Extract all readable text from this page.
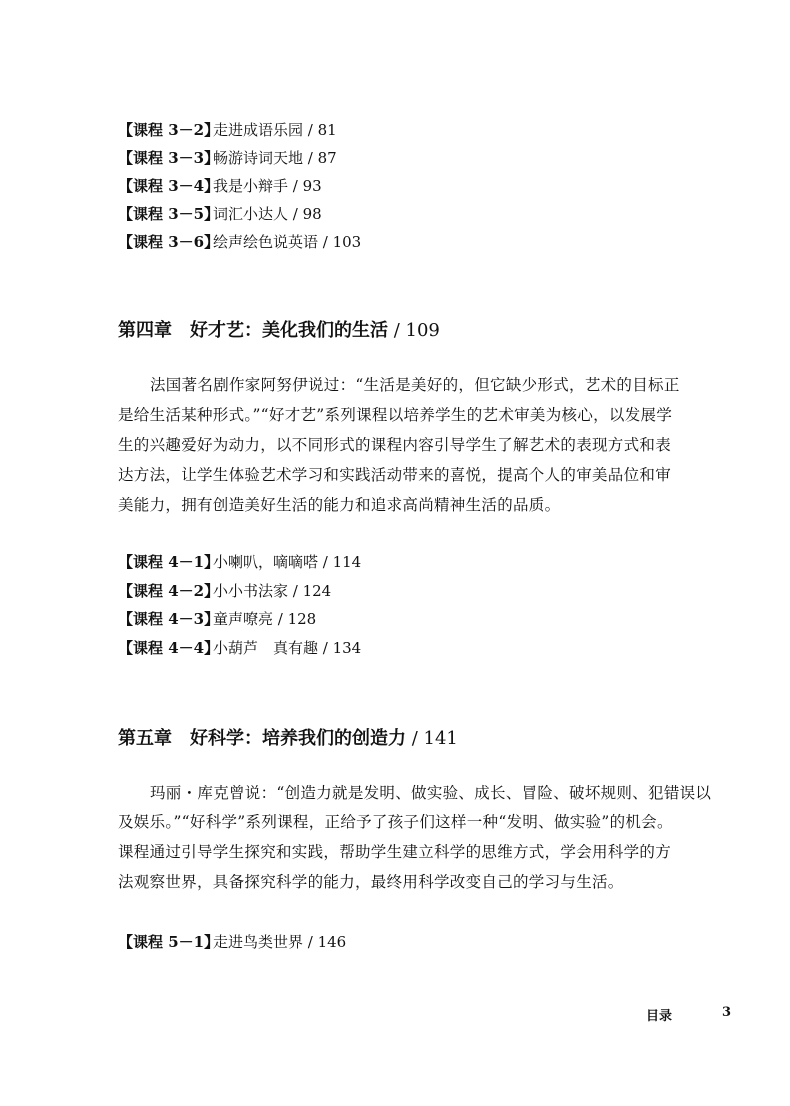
【课程 3－2】走进成语乐园 / 81
【课程 3－3】畅游诗词天地 / 87
【课程 3－4】我是小辩手 / 93
【课程 3－5】词汇小达人 / 98
【课程 3－6】绘声绘色说英语 / 103
第四章　好才艺：美化我们的生活 / 109
法国著名剧作家阿努伊说过：“生活是美好的，但它缺少形式，艺术的目标正
是给生活某种形式。”“好才艺”系列课程以培养学生的艺术审美为核心，以发展学
生的兴趣爱好为动力，以不同形式的课程内容引导学生了解艺术的表现方式和表
达方法，让学生体验艺术学习和实践活动带来的喜悦，提高个人的审美品位和审
美能力，拥有创造美好生活的能力和追求高尚精神生活的品质。
【课程 4－1】小喇叭，嘀嘀嗒 / 114
【课程 4－2】小小书法家 / 124
【课程 4－3】童声嘹亮 / 128
【课程 4－4】小葫芦　真有趣 / 134
第五章　好科学：培养我们的创造力 / 141
玛丽・库克曾说：“创造力就是发明、做实验、成长、冒险、破坏规则、犯错误以
及娱乐。”“好科学”系列课程，正给予了孩子们这样一种“发明、做实验”的机会。
课程通过引导学生探究和实践，帮助学生建立科学的思维方式，学会用科学的方
法观察世界，具备探究科学的能力，最终用科学改变自己的学习与生活。
【课程 5－1】走进鸟类世界 / 146
目录	3
